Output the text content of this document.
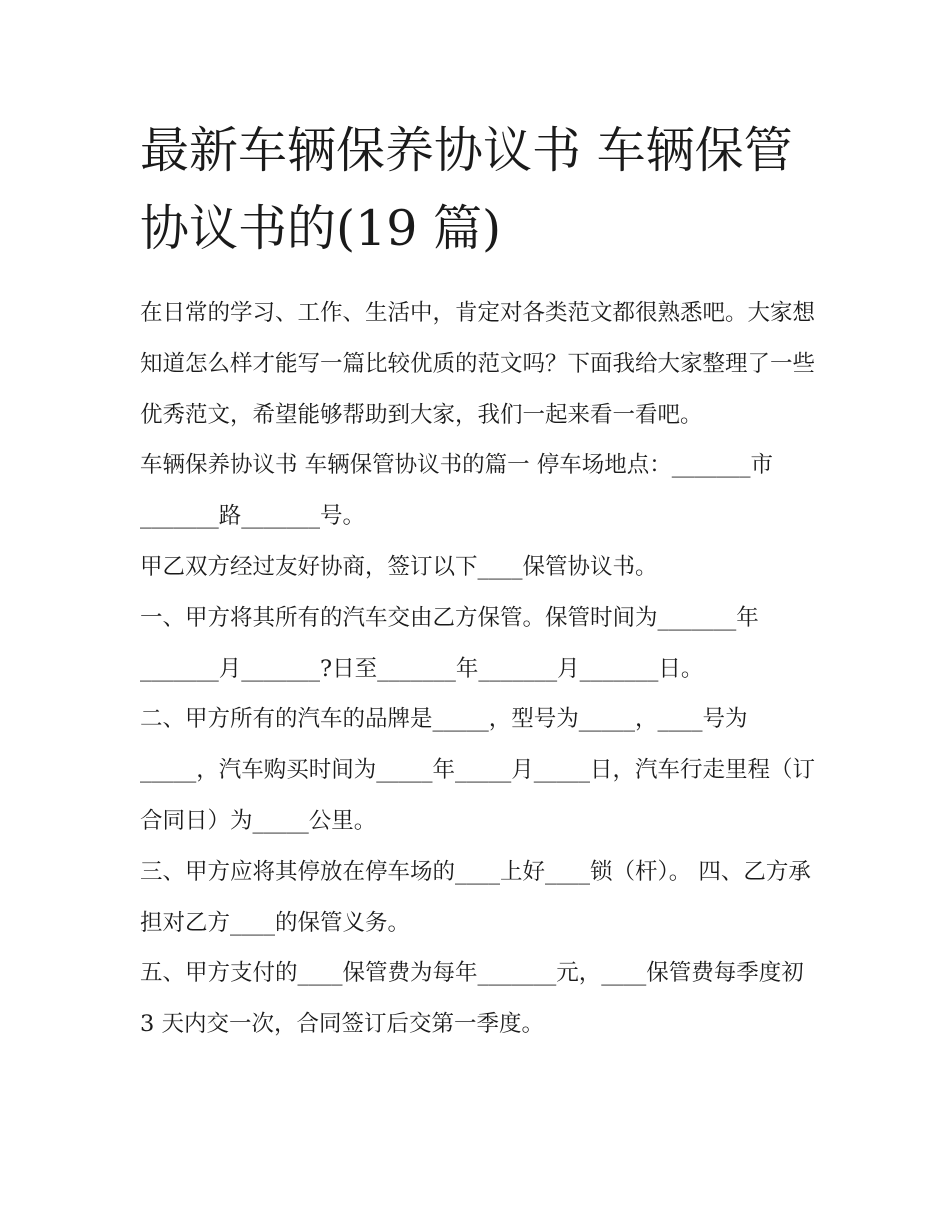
最新车辆保养协议书 车辆保管
协议书的(19 篇)

在日常的学习、工作、生活中，肯定对各类范文都很熟悉吧。大家想知道怎么样才能写一篇比较优质的范文吗？下面我给大家整理了一些优秀范文，希望能够帮助到大家，我们一起来看一看吧。

车辆保养协议书 车辆保管协议书的篇一 停车场地点：_______市_______路_______号。

甲乙双方经过友好协商，签订以下____保管协议书。

一、甲方将其所有的汽车交由乙方保管。保管时间为_______年_______月_______?日至_______年_______月_______日。

二、甲方所有的汽车的品牌是_____，型号为_____，____号为_____，汽车购买时间为_____年_____月_____日，汽车行走里程（订合同日）为_____公里。

三、甲方应将其停放在停车场的____上好____锁（杆）。 四、乙方承担对乙方____的保管义务。

五、甲方支付的____保管费为每年_______元，____保管费每季度初 3 天内交一次，合同签订后交第一季度。
